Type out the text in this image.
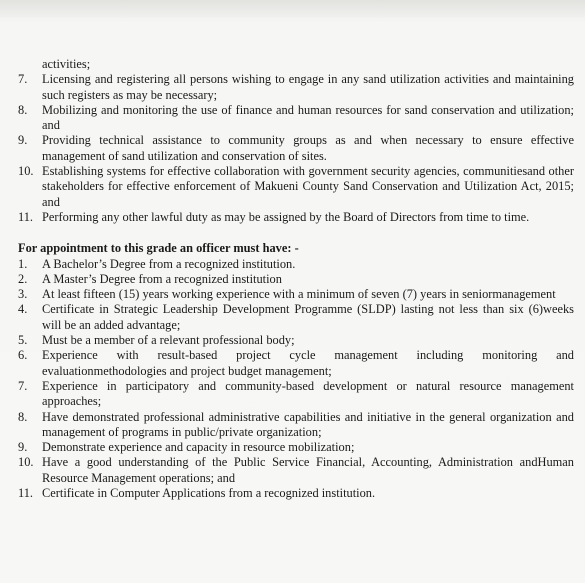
activities;
7.	Licensing and registering all persons wishing to engage in any sand utilization activities and maintaining such registers as may be necessary;
8.	Mobilizing and monitoring the use of finance and human resources for sand conservation and utilization; and
9.	Providing technical assistance to community groups as and when necessary to ensure effective management of sand utilization and conservation of sites.
10. Establishing systems for effective collaboration with government security agencies, communitiesand other stakeholders for effective enforcement of Makueni County Sand Conservation and Utilization Act, 2015; and
11. Performing any other lawful duty as may be assigned by the Board of Directors from time to time.
For appointment to this grade an officer must have: -
1.	A Bachelor’s Degree from a recognized institution.
2.	A Master’s Degree from a recognized institution
3.	At least fifteen (15) years working experience with a minimum of seven (7) years in seniormanagement
4.	Certificate in Strategic Leadership Development Programme (SLDP) lasting not less than six (6)weeks will be an added advantage;
5.	Must be a member of a relevant professional body;
6.	Experience with result-based project cycle management including monitoring and evaluationmethodologies and project budget management;
7.	Experience in participatory and community-based development or natural resource management approaches;
8.	Have demonstrated professional administrative capabilities and initiative in the general organization and management of programs in public/private organization;
9.	Demonstrate experience and capacity in resource mobilization;
10. Have a good understanding of the Public Service Financial, Accounting, Administration andHuman Resource Management operations; and
11. Certificate in Computer Applications from a recognized institution.
